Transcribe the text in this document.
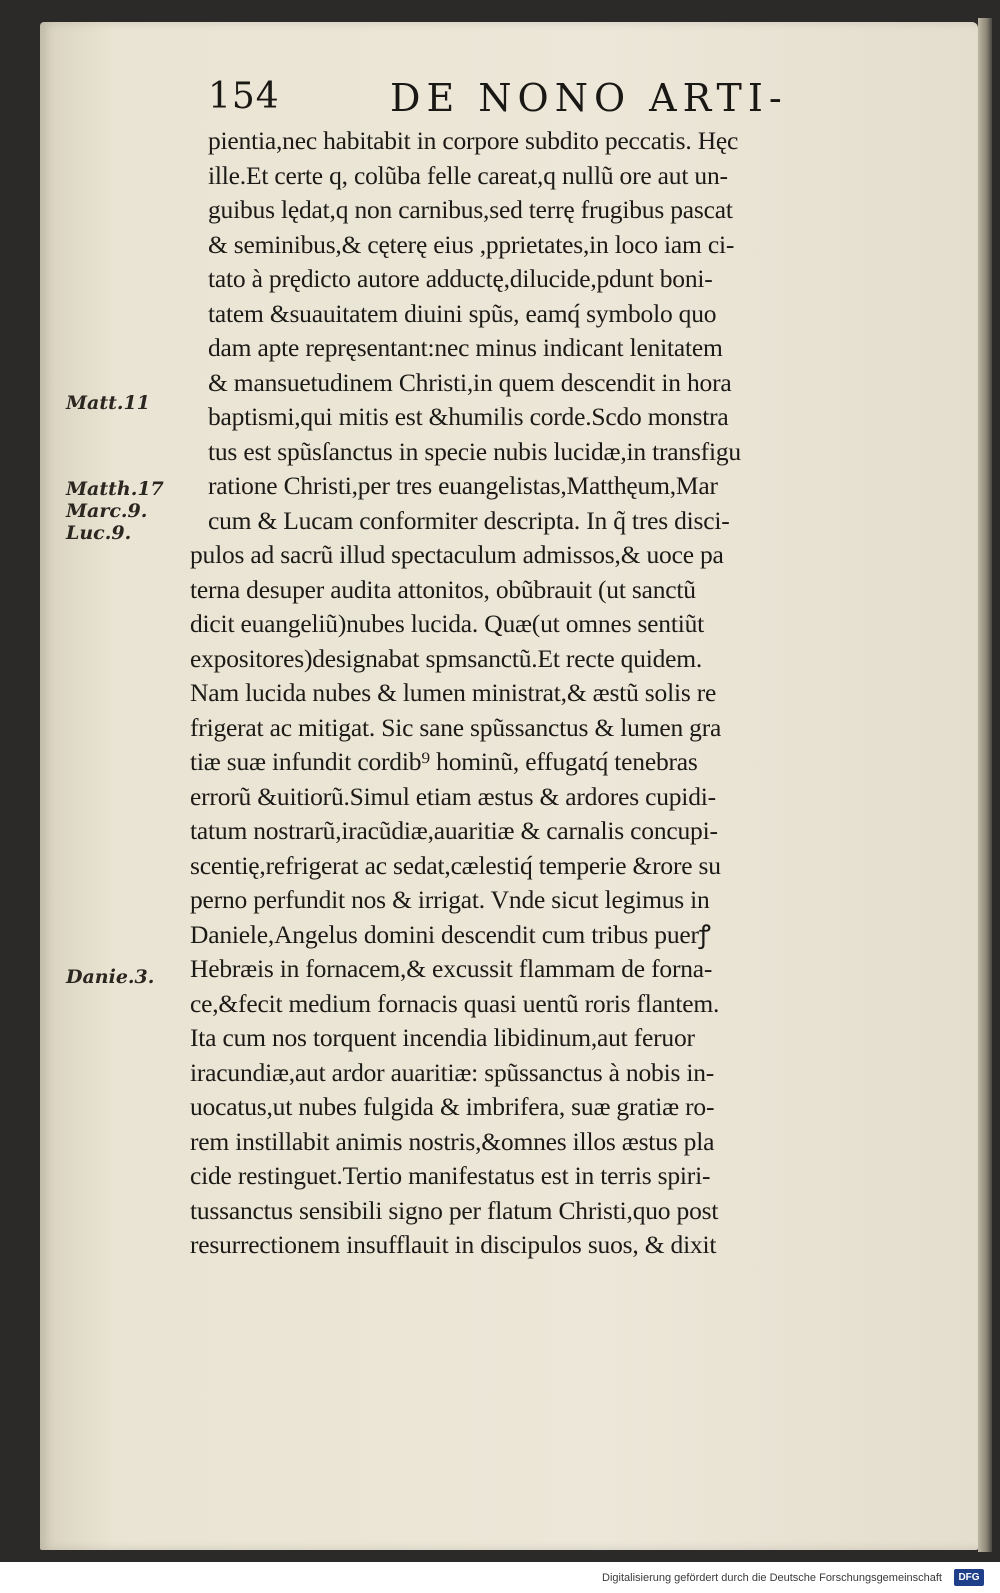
154	DE NONO ARTI-
Matt.11
Matth.17
Marc.9.
Luc.9.
Danie.3.
pientia,nec habitabit in corpore subdito peccatis. Hęc
ille.Et certe q, colũba felle careat,q nullũ ore aut un-
guibus lędat,q non carnibus,sed terrę frugibus pascat
& seminibus,& cęterę eius ,pprietates,in loco iam ci-
tato à prędicto autore adductę,dilucide,pdunt boni-
tatem &suauitatem diuini spũs, eamq́ symbolo quo
dam apte repręsentant:nec minus indicant lenitatem
& mansuetudinem Christi,in quem descendit in hora
baptismi,qui mitis est &humilis corde.Scdo monstra
tus est spũsſanctus in specie nubis lucidæ,in transfigu
ratione Christi,per tres euangelistas,Matthęum,Mar
cum & Lucam conformiter descripta. In q̃ tres disci-
pulos ad sacrũ illud spectaculum admissos,& uoce pa
terna desuper audita attonitos, obũbrauit (ut sanctũ
dicit euangeliũ)nubes lucida. Quæ(ut omnes sentiũt
expositores)designabat spmsanctũ.Et recte quidem.
Nam lucida nubes & lumen ministrat,& æstũ solis re
frigerat ac mitigat. Sic sane spũssanctus & lumen gra
tiæ suæ infundit cordib⁹ hominũ, effugatq́ tenebras
errorũ &uitiorũ.Simul etiam æstus & ardores cupidi-
tatum nostrarũ,iracũdiæ,auaritiæ & carnalis concupi-
scentię,refrigerat ac sedat,cælestiq́ temperie &rore su
perno perfundit nos & irrigat. Vnde sicut legimus in
Daniele,Angelus domini descendit cum tribus puerꝭ
Hebræis in fornacem,& excussit flammam de forna-
ce,&fecit medium fornacis quasi uentũ roris flantem.
Ita cum nos torquent incendia libidinum,aut feruor
iracundiæ,aut ardor auaritiæ: spũssanctus à nobis in-
uocatus,ut nubes fulgida & imbrifera, suæ gratiæ ro-
rem instillabit animis nostris,&omnes illos æstus pla
cide restinguet.Tertio manifestatus est in terris spiri-
tussanctus sensibili signo per flatum Christi,quo post
resurrectionem insufflauit in discipulos suos, & dixit
Digitalisierung gefördert durch die Deutsche Forschungsgemeinschaft	DFG
